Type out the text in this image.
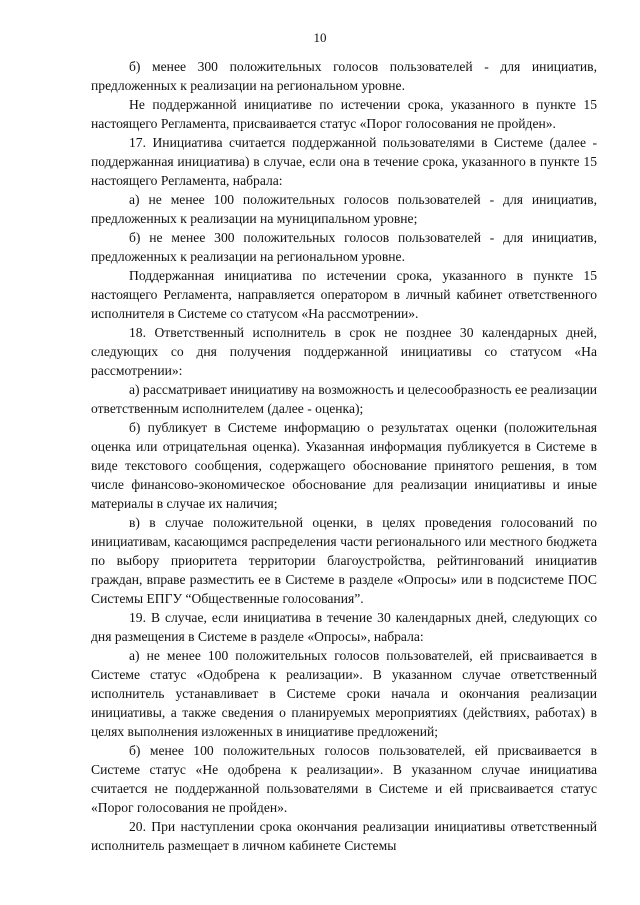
10

б) менее 300 положительных голосов пользователей - для инициатив, предложенных к реализации на региональном уровне.

Не поддержанной инициативе по истечении срока, указанного в пункте 15 настоящего Регламента, присваивается статус «Порог голосования не пройден».

17. Инициатива считается поддержанной пользователями в Системе (далее - поддержанная инициатива) в случае, если она в течение срока, указанного в пункте 15 настоящего Регламента, набрала:

а) не менее 100 положительных голосов пользователей - для инициатив, предложенных к реализации на муниципальном уровне;

б) не менее 300 положительных голосов пользователей - для инициатив, предложенных к реализации на региональном уровне.

Поддержанная инициатива по истечении срока, указанного в пункте 15 настоящего Регламента, направляется оператором в личный кабинет ответственного исполнителя в Системе со статусом «На рассмотрении».

18. Ответственный исполнитель в срок не позднее 30 календарных дней, следующих со дня получения поддержанной инициативы со статусом «На рассмотрении»:

а) рассматривает инициативу на возможность и целесообразность ее реализации ответственным исполнителем (далее - оценка);

б) публикует в Системе информацию о результатах оценки (положительная оценка или отрицательная оценка). Указанная информация публикуется в Системе в виде текстового сообщения, содержащего обоснование принятого решения, в том числе финансово-экономическое обоснование для реализации инициативы и иные материалы в случае их наличия;

в) в случае положительной оценки, в целях проведения голосований по инициативам, касающимся распределения части регионального или местного бюджета по выбору приоритета территории благоустройства, рейтингований инициатив граждан, вправе разместить ее в Системе в разделе «Опросы» или в подсистеме ПОС Системы ЕПГУ “Общественные голосования”.

19. В случае, если инициатива в течение 30 календарных дней, следующих со дня размещения в Системе в разделе «Опросы», набрала:

а) не менее 100 положительных голосов пользователей, ей присваивается в Системе статус «Одобрена к реализации». В указанном случае ответственный исполнитель устанавливает в Системе сроки начала и окончания реализации инициативы, а также сведения о планируемых мероприятиях (действиях, работах) в целях выполнения изложенных в инициативе предложений;

б) менее 100 положительных голосов пользователей, ей присваивается в Системе статус «Не одобрена к реализации». В указанном случае инициатива считается не поддержанной пользователями в Системе и ей присваивается статус «Порог голосования не пройден».

20. При наступлении срока окончания реализации инициативы ответственный исполнитель размещает в личном кабинете Системы
